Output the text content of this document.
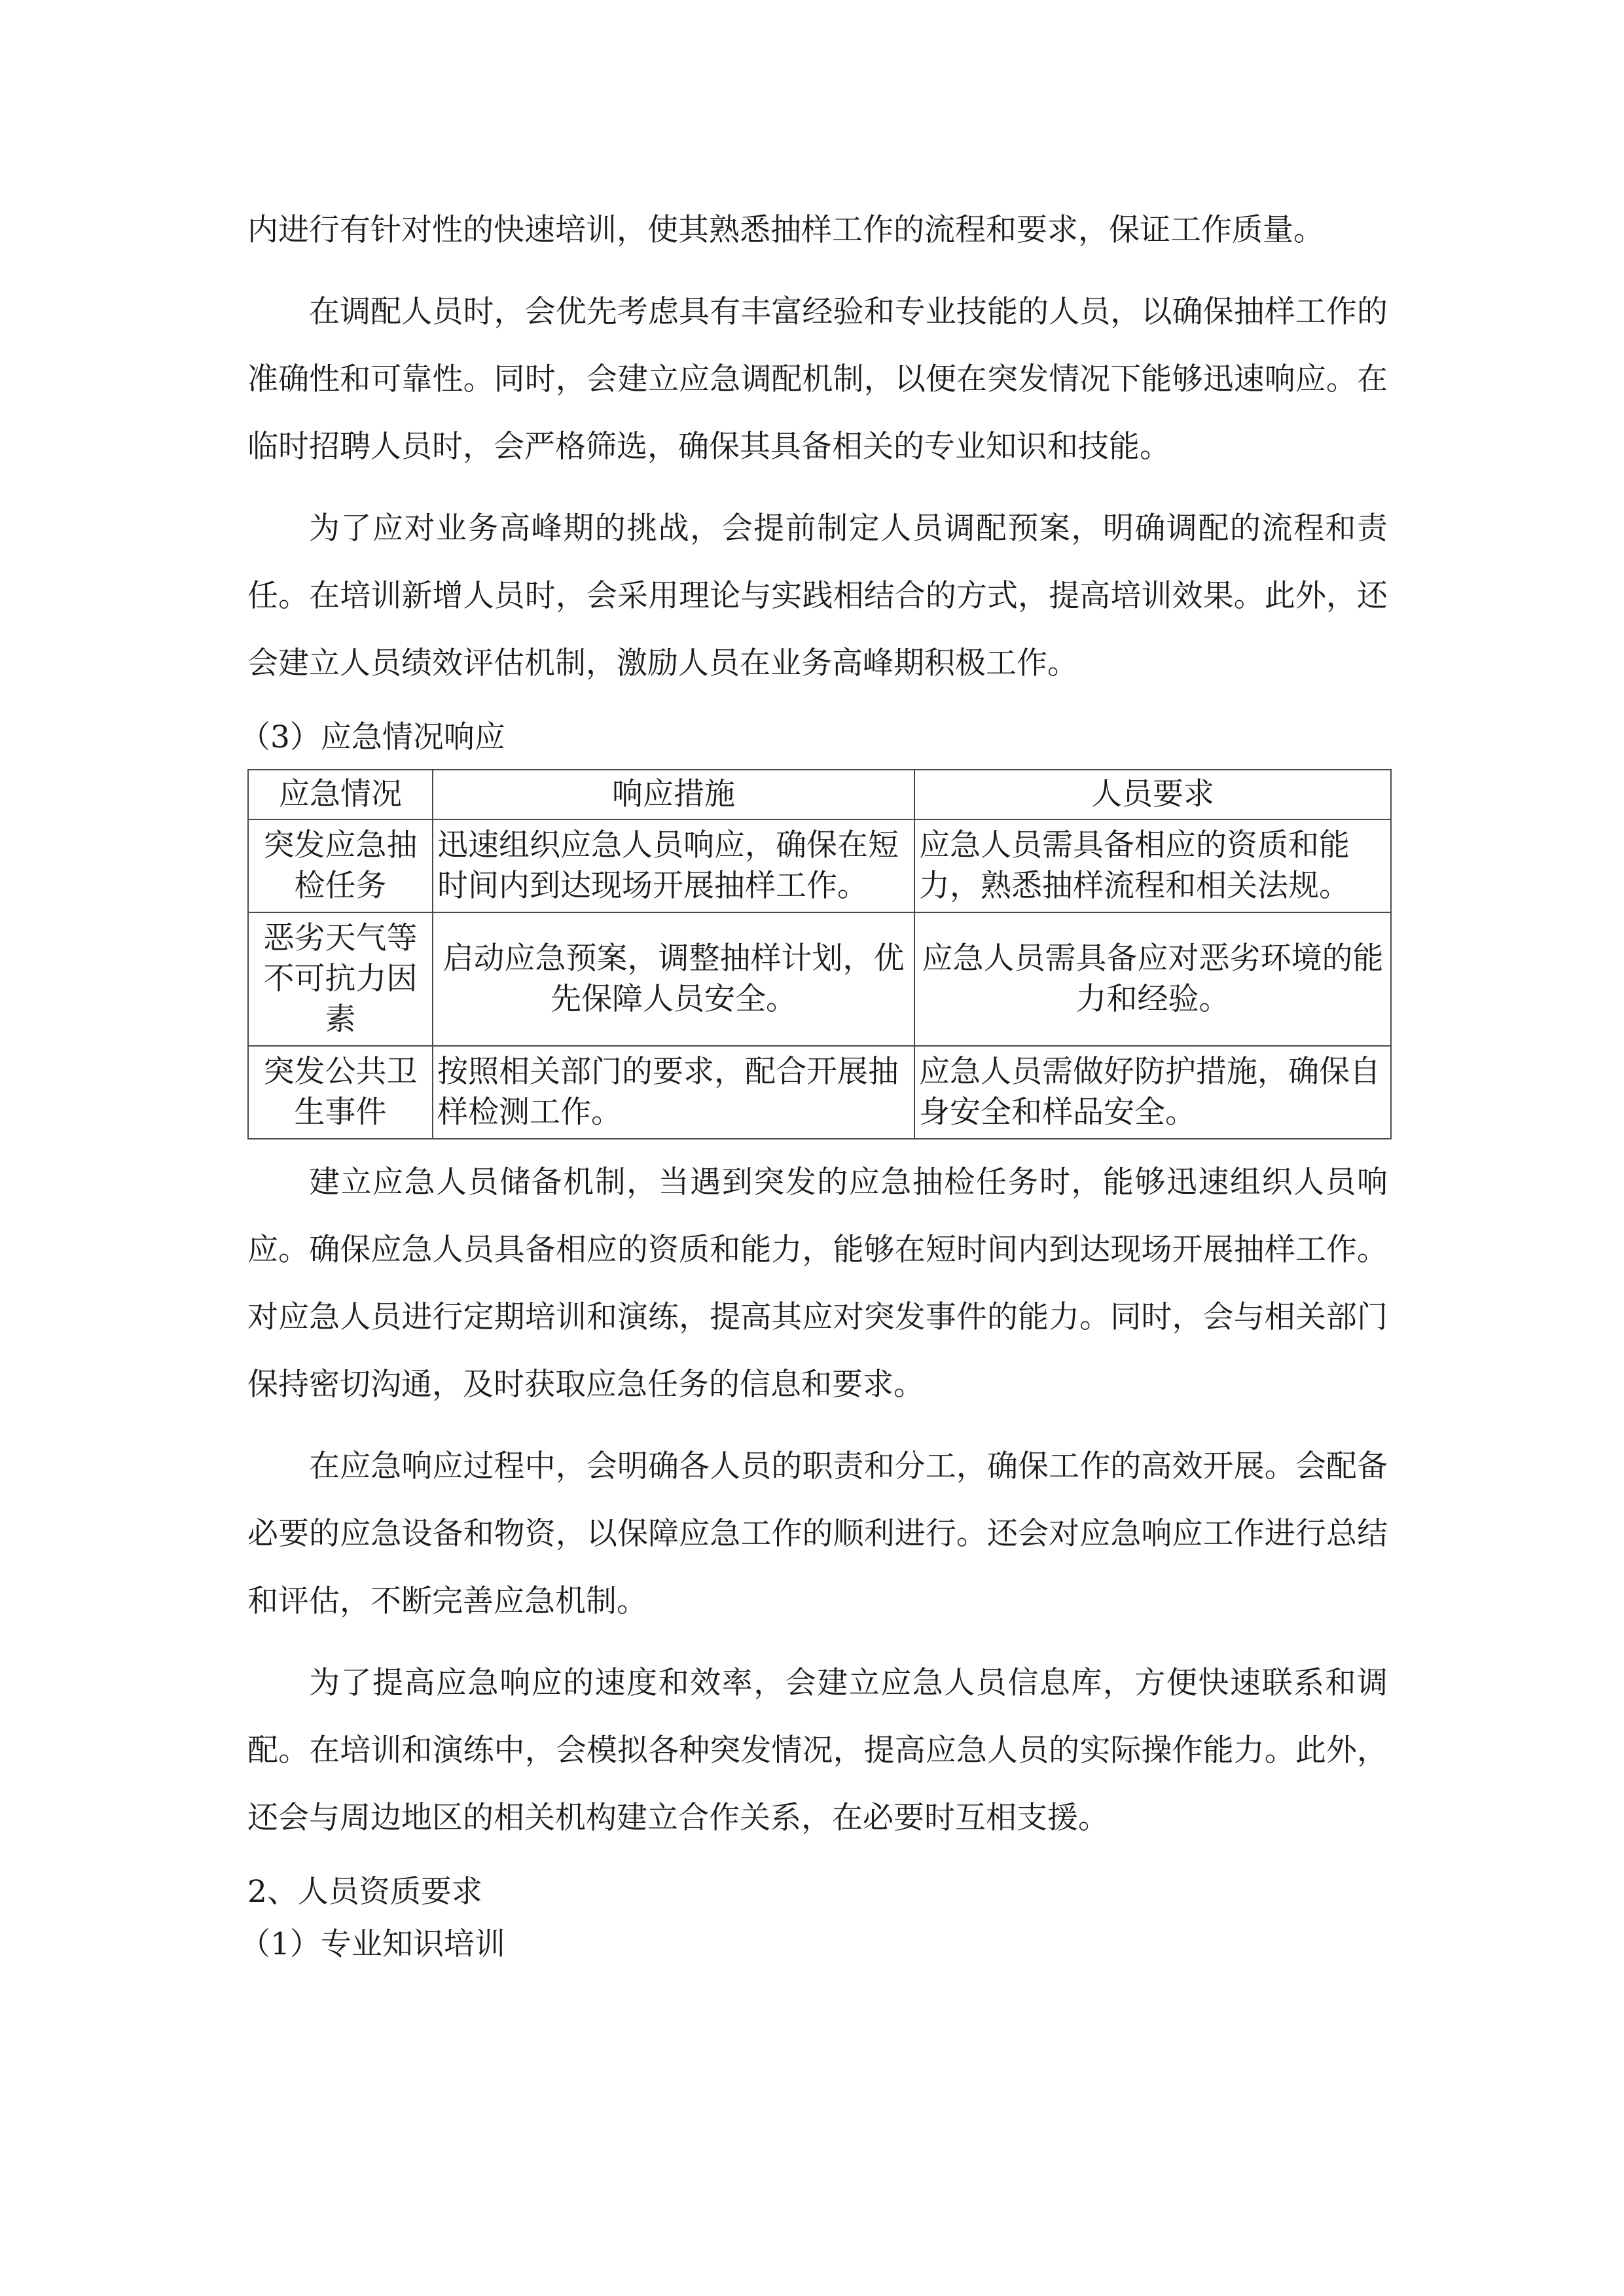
内进行有针对性的快速培训，使其熟悉抽样工作的流程和要求，保证工作质量。

在调配人员时，会优先考虑具有丰富经验和专业技能的人员，以确保抽样工作的准确性和可靠性。同时，会建立应急调配机制，以便在突发情况下能够迅速响应。在临时招聘人员时，会严格筛选，确保其具备相关的专业知识和技能。

为了应对业务高峰期的挑战，会提前制定人员调配预案，明确调配的流程和责任。在培训新增人员时，会采用理论与实践相结合的方式，提高培训效果。此外，还会建立人员绩效评估机制，激励人员在业务高峰期积极工作。

（3）应急情况响应

应急情况	响应措施	人员要求
突发应急抽检任务	迅速组织应急人员响应，确保在短时间内到达现场开展抽样工作。	应急人员需具备相应的资质和能力，熟悉抽样流程和相关法规。
恶劣天气等不可抗力因素	启动应急预案，调整抽样计划，优先保障人员安全。	应急人员需具备应对恶劣环境的能力和经验。
突发公共卫生事件	按照相关部门的要求，配合开展抽样检测工作。	应急人员需做好防护措施，确保自身安全和样品安全。

建立应急人员储备机制，当遇到突发的应急抽检任务时，能够迅速组织人员响应。确保应急人员具备相应的资质和能力，能够在短时间内到达现场开展抽样工作。对应急人员进行定期培训和演练，提高其应对突发事件的能力。同时，会与相关部门保持密切沟通，及时获取应急任务的信息和要求。

在应急响应过程中，会明确各人员的职责和分工，确保工作的高效开展。会配备必要的应急设备和物资，以保障应急工作的顺利进行。还会对应急响应工作进行总结和评估，不断完善应急机制。

为了提高应急响应的速度和效率，会建立应急人员信息库，方便快速联系和调配。在培训和演练中，会模拟各种突发情况，提高应急人员的实际操作能力。此外，还会与周边地区的相关机构建立合作关系，在必要时互相支援。

2、人员资质要求

（1）专业知识培训
